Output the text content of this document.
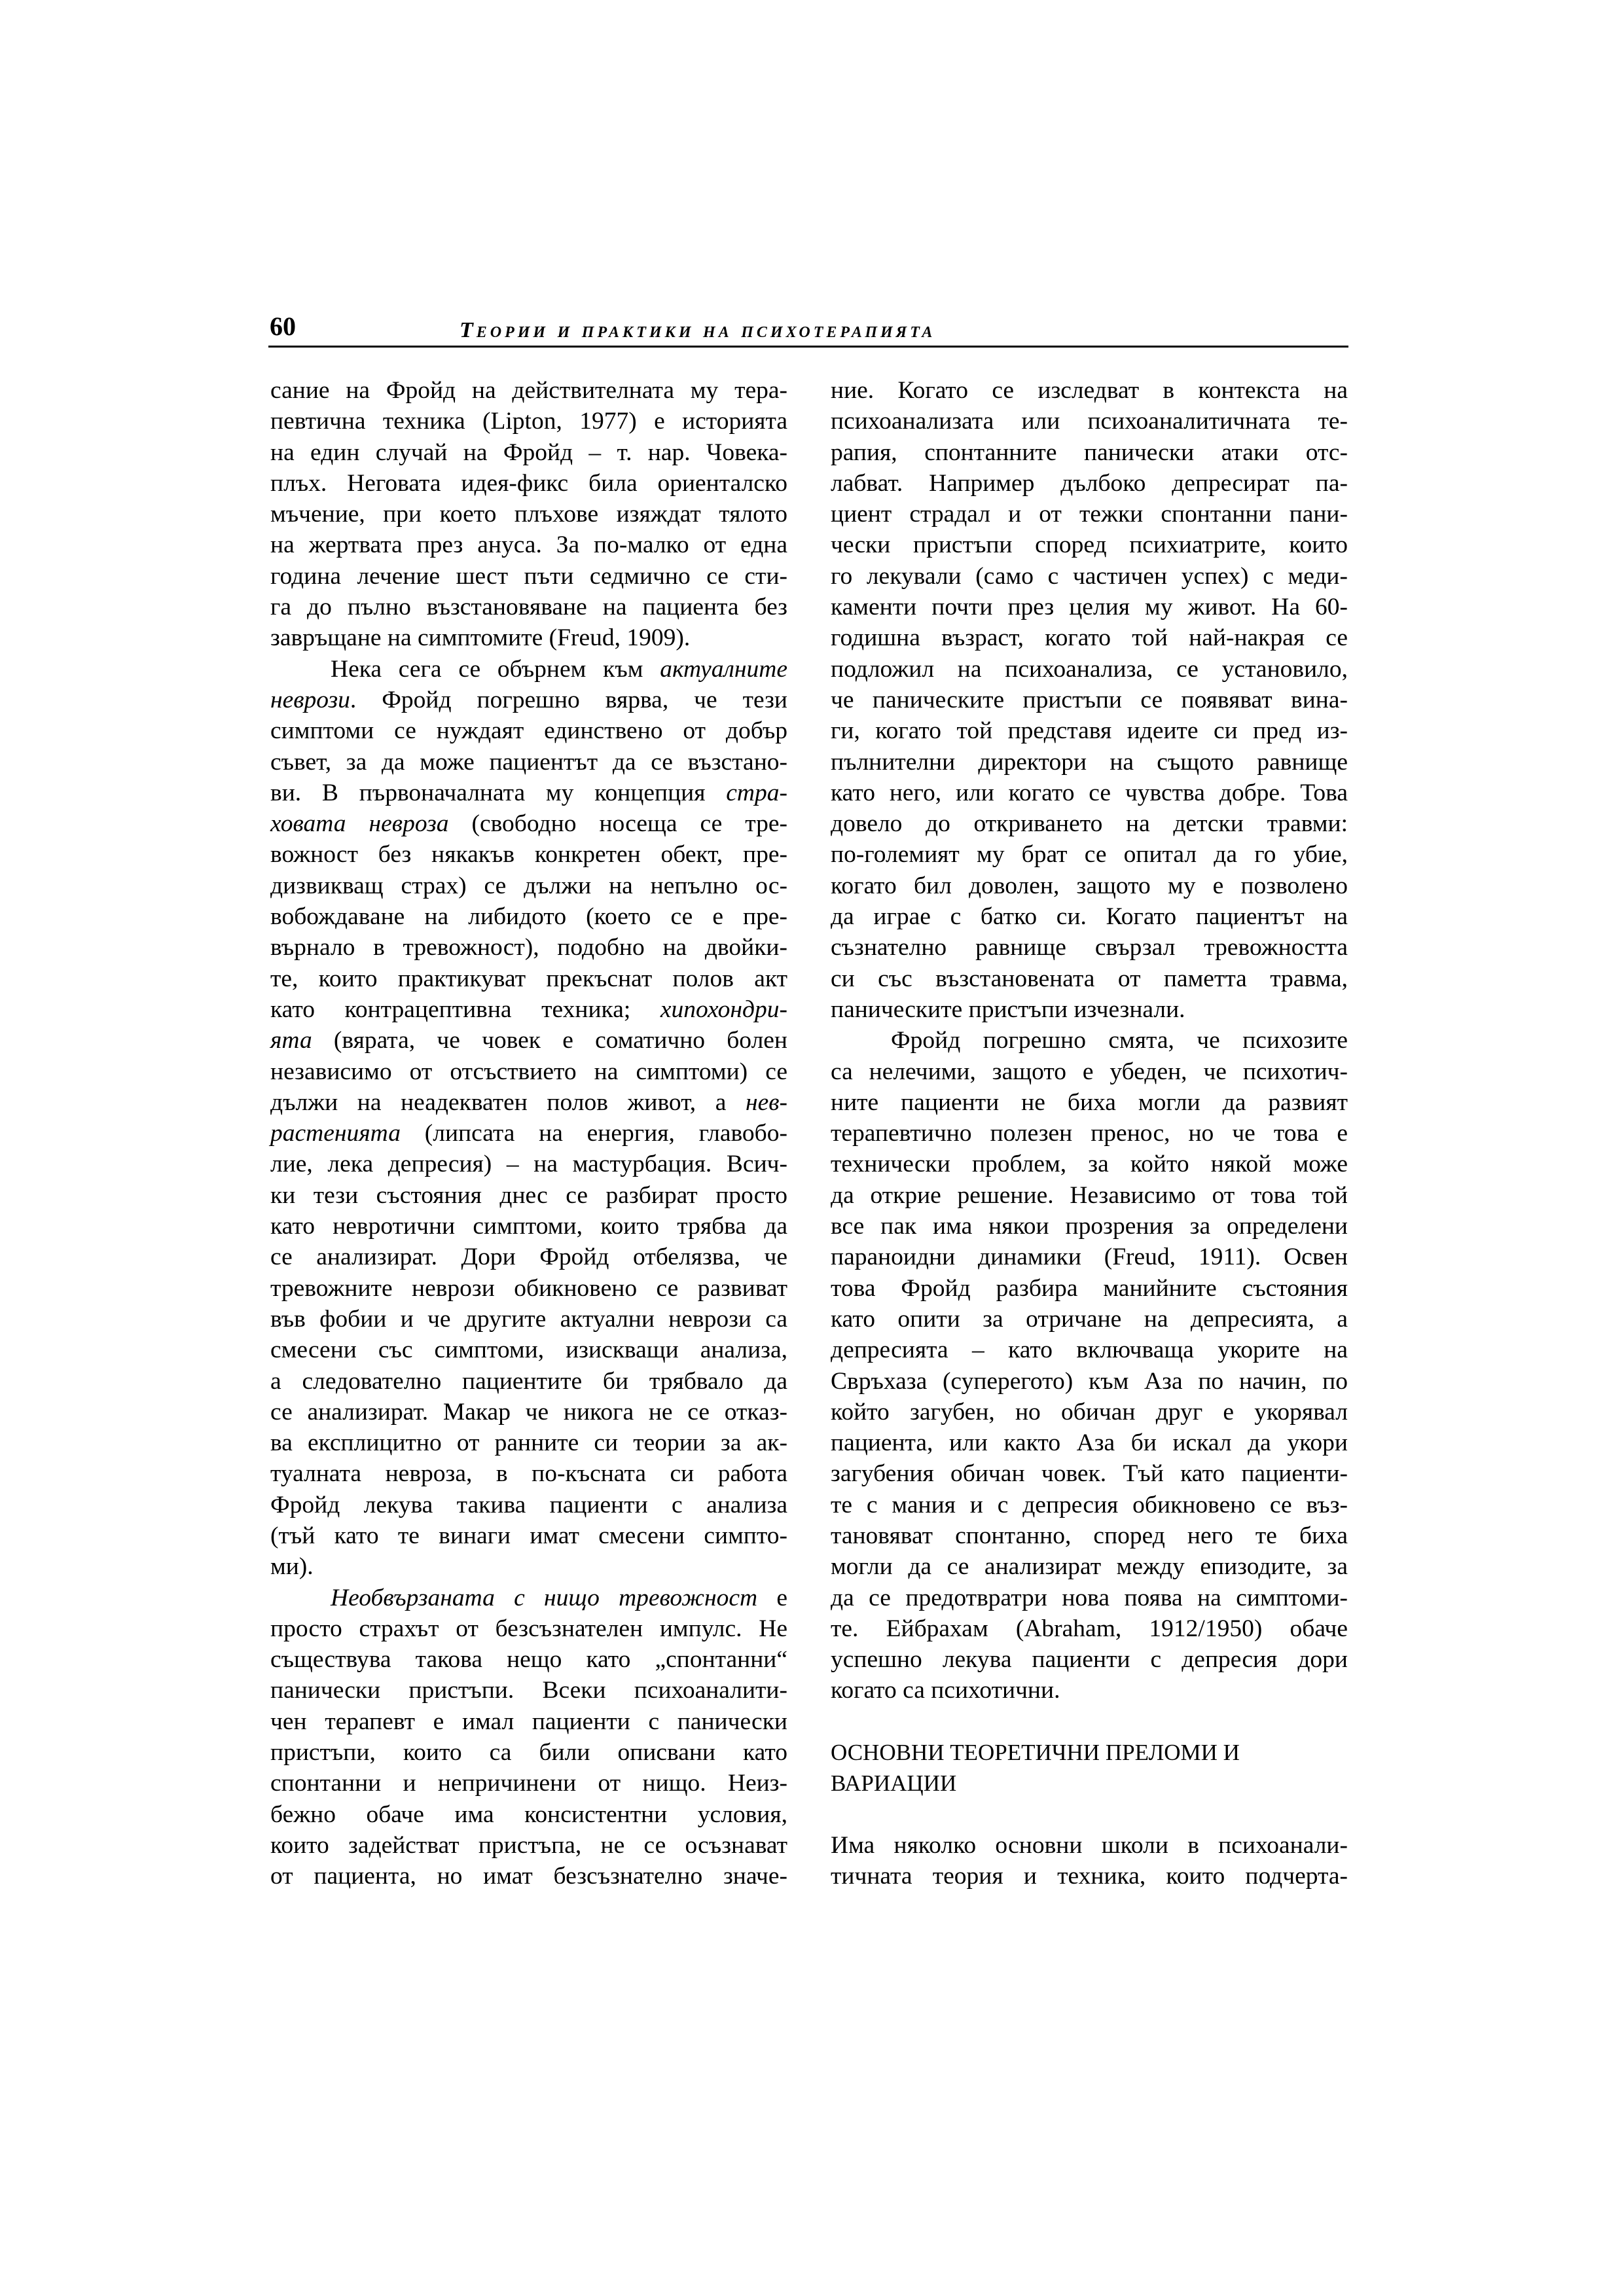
60	Теории и практики на психотерапията
сание на Фройд на действителната му тера-
певтична техника (Lipton, 1977) е историята
на един случай на Фройд – т. нар. Човека-
плъх. Неговата идея-фикс била ориенталско
мъчение, при което плъхове изяждат тялото
на жертвата през ануса. За по-малко от една
година лечение шест пъти седмично се сти-
га до пълно възстановяване на пациента без
завръщане на симптомите (Freud, 1909).
Нека сега се обърнем към актуалните
неврози. Фройд погрешно вярва, че тези
симптоми се нуждаят единствено от добър
съвет, за да може пациентът да се възстано-
ви. В първоначалната му концепция стра-
ховата невроза (свободно носеща се тре-
вожност без някакъв конкретен обект, пре-
дизвикващ страх) се дължи на непълно ос-
вобождаване на либидото (което се е пре-
върнало в тревожност), подобно на двойки-
те, които практикуват прекъснат полов акт
като контрацептивна техника; хипохондри-
ята (вярата, че човек е соматично болен
независимо от отсъствието на симптоми) се
дължи на неадекватен полов живот, а нев-
растенията (липсата на енергия, главобо-
лие, лека депресия) – на мастурбация. Всич-
ки тези състояния днес се разбират просто
като невротични симптоми, които трябва да
се анализират. Дори Фройд отбелязва, че
тревожните неврози обикновено се развиват
във фобии и че другите актуални неврози са
смесени със симптоми, изискващи анализа,
а следователно пациентите би трябвало да
се анализират. Макар че никога не се отказ-
ва експлицитно от ранните си теории за ак-
туалната невроза, в по-късната си работа
Фройд лекува такива пациенти с анализа
(тъй като те винаги имат смесени симпто-
ми).
Необвързаната с нищо тревожност е
просто страхът от безсъзнателен импулс. Не
съществува такова нещо като „спонтанни“
панически пристъпи. Всеки психоаналити-
чен терапевт е имал пациенти с панически
пристъпи, които са били описвани като
спонтанни и непричинени от нищо. Неиз-
бежно обаче има консистентни условия,
които задействат пристъпа, не се осъзнават
от пациента, но имат безсъзнателно значе-
ние. Когато се изследват в контекста на
психоанализата или психоаналитичната те-
рапия, спонтанните панически атаки отс-
лабват. Например дълбоко депресират па-
циент страдал и от тежки спонтанни пани-
чески пристъпи според психиатрите, които
го лекували (само с частичен успех) с меди-
каменти почти през целия му живот. На 60-
годишна възраст, когато той най-накрая се
подложил на психоанализа, се установило,
че паническите пристъпи се появяват вина-
ги, когато той представя идеите си пред из-
пълнителни директори на същото равнище
като него, или когато се чувства добре. Това
довело до откриването на детски травми:
по-големият му брат се опитал да го убие,
когато бил доволен, защото му е позволено
да играе с батко си. Когато пациентът на
съзнателно равнище свързал тревожността
си със възстановената от паметта травма,
паническите пристъпи изчезнали.
Фройд погрешно смята, че психозите
са нелечими, защото е убеден, че психотич-
ните пациенти не биха могли да развият
терапевтично полезен пренос, но че това е
технически проблем, за който някой може
да открие решение. Независимо от това той
все пак има някои прозрения за определени
параноидни динамики (Freud, 1911). Освен
това Фройд разбира манийните състояния
като опити за отричане на депресията, а
депресията – като включваща укорите на
Свръхаза (суперегото) към Аза по начин, по
който загубен, но обичан друг е укорявал
пациента, или както Аза би искал да укори
загубения обичан човек. Тъй като пациенти-
те с мания и с депресия обикновено се въз-
тановяват спонтанно, според него те биха
могли да се анализират между епизодите, за
да се предотвратри нова поява на симптоми-
те. Ейбрахам (Abraham, 1912/1950) обаче
успешно лекува пациенти с депресия дори
когато са психотични.
ОСНОВНИ ТЕОРЕТИЧНИ ПРЕЛОМИ И
ВАРИАЦИИ
Има няколко основни школи в психоанали-
тичната теория и техника, които подчерта-
